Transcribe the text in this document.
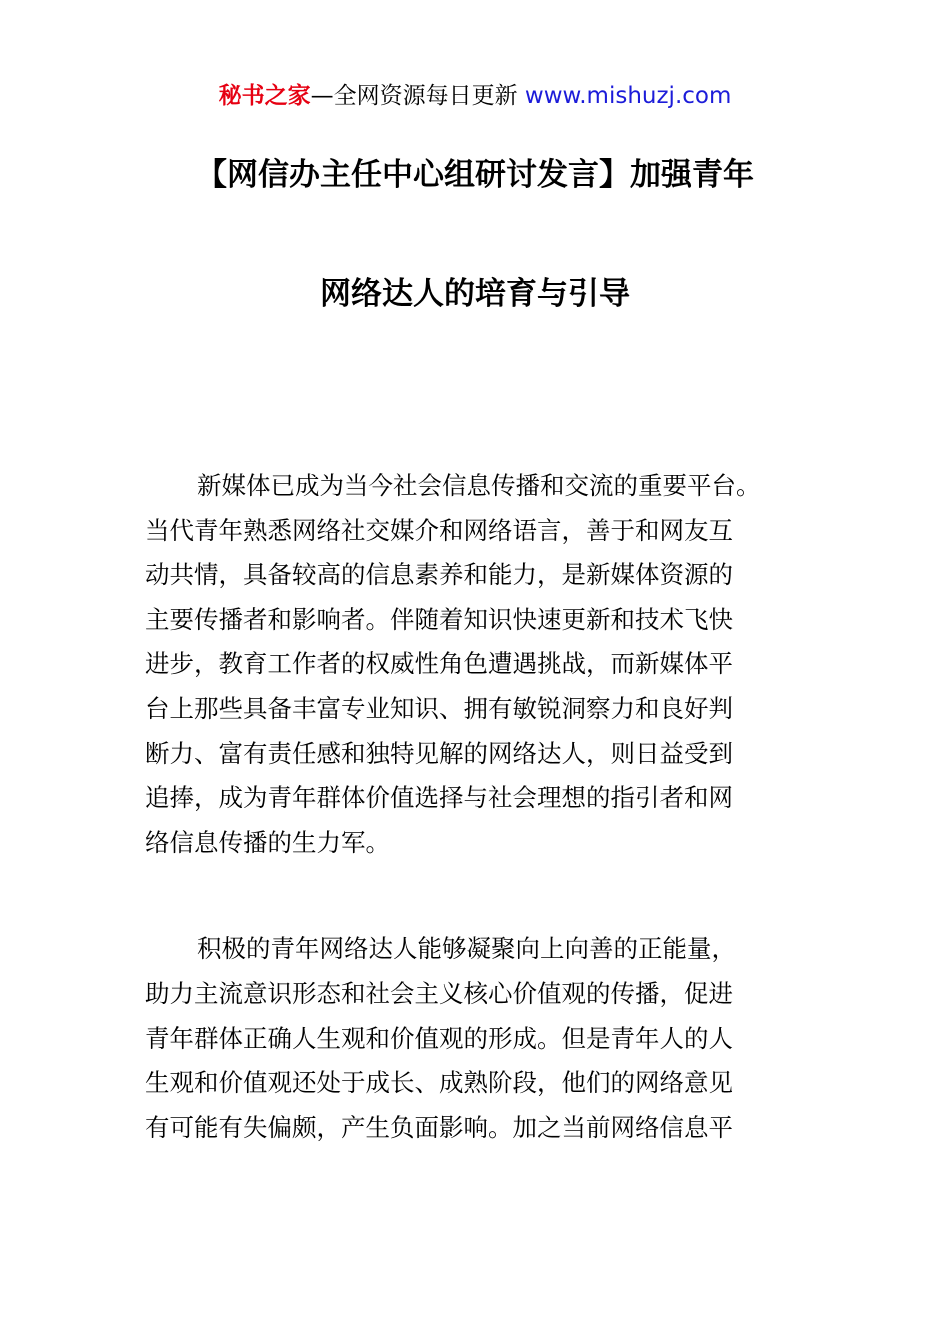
秘书之家—全网资源每日更新 www.mishuzj.com
【网信办主任中心组研讨发言】加强青年
网络达人的培育与引导

新媒体已成为当今社会信息传播和交流的重要平台。
当代青年熟悉网络社交媒介和网络语言，善于和网友互
动共情，具备较高的信息素养和能力，是新媒体资源的
主要传播者和影响者。伴随着知识快速更新和技术飞快
进步，教育工作者的权威性角色遭遇挑战，而新媒体平
台上那些具备丰富专业知识、拥有敏锐洞察力和良好判
断力、富有责任感和独特见解的网络达人，则日益受到
追捧，成为青年群体价值选择与社会理想的指引者和网
络信息传播的生力军。

积极的青年网络达人能够凝聚向上向善的正能量，
助力主流意识形态和社会主义核心价值观的传播，促进
青年群体正确人生观和价值观的形成。但是青年人的人
生观和价值观还处于成长、成熟阶段，他们的网络意见
有可能有失偏颇，产生负面影响。加之当前网络信息平
